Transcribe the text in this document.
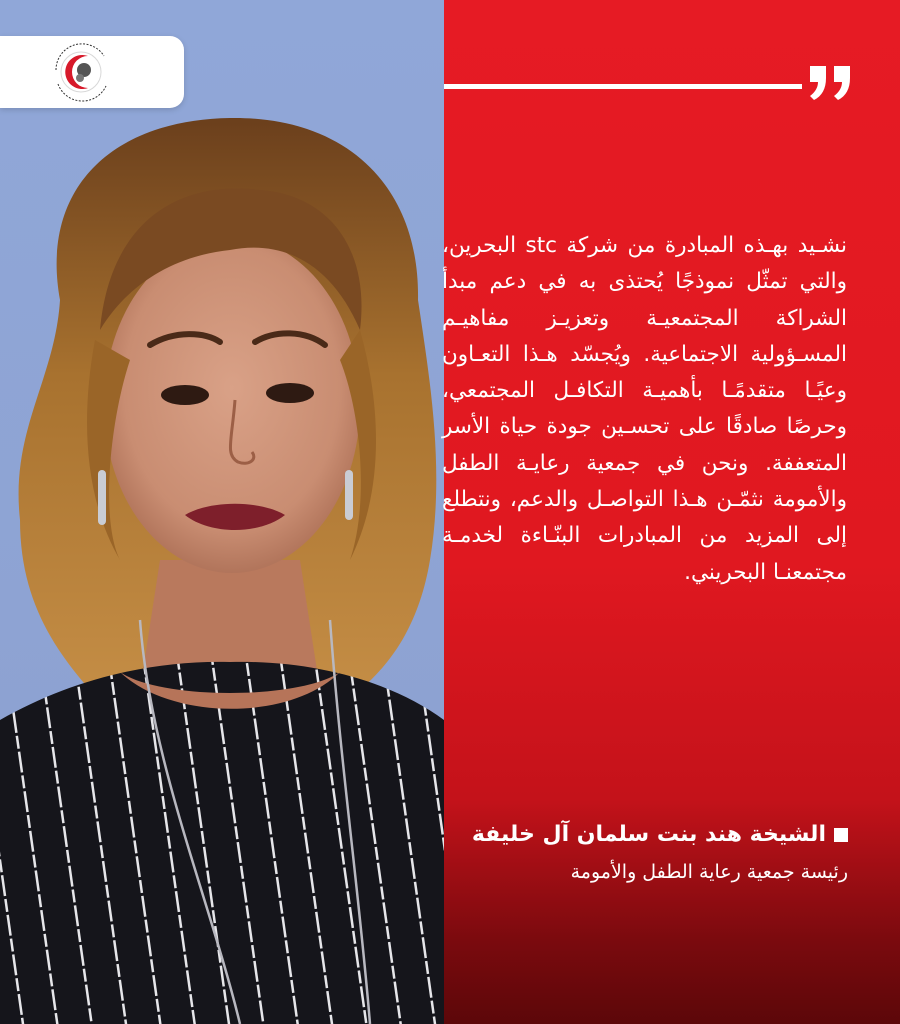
نشـيد بهـذه المبادرة من شركة stc البحرين، والتي تمثّل نموذجًا يُحتذى به في دعم مبدأ الشراكة المجتمعيـة وتعزيـز مفاهيـم المسـؤولية الاجتماعية. ويُجسّد هـذا التعـاون وعيًـا متقدمًـا بأهميـة التكافـل المجتمعي، وحرصًا صادقًا على تحسـين جودة حياة الأسر المتعففة. ونحن في جمعية رعايـة الطفل والأمومة نثمّـن هـذا التواصـل والدعم، ونتطلع إلى المزيد من المبادرات البنّـاءة لخدمـة مجتمعنـا البحريني.

الشيخة هند بنت سلمان آل خليفة
رئيسة جمعية رعاية الطفل والأمومة
